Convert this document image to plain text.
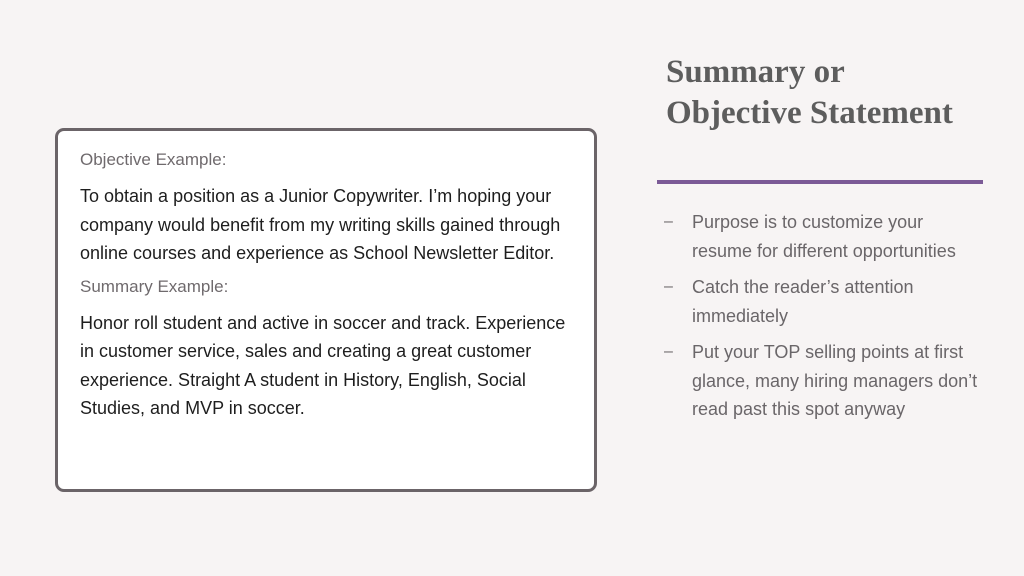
Objective Example:

To obtain a position as a Junior Copywriter. I’m hoping your company would benefit from my writing skills gained through online courses and experience as School Newsletter Editor.

Summary Example:

Honor roll student and active in soccer and track. Experience in customer service, sales and creating a great customer experience. Straight A student in History, English, Social Studies, and MVP in soccer.

Summary or Objective Statement
– Purpose is to customize your resume for different opportunities
– Catch the reader’s attention immediately
– Put your TOP selling points at first glance, many hiring managers don’t read past this spot anyway
